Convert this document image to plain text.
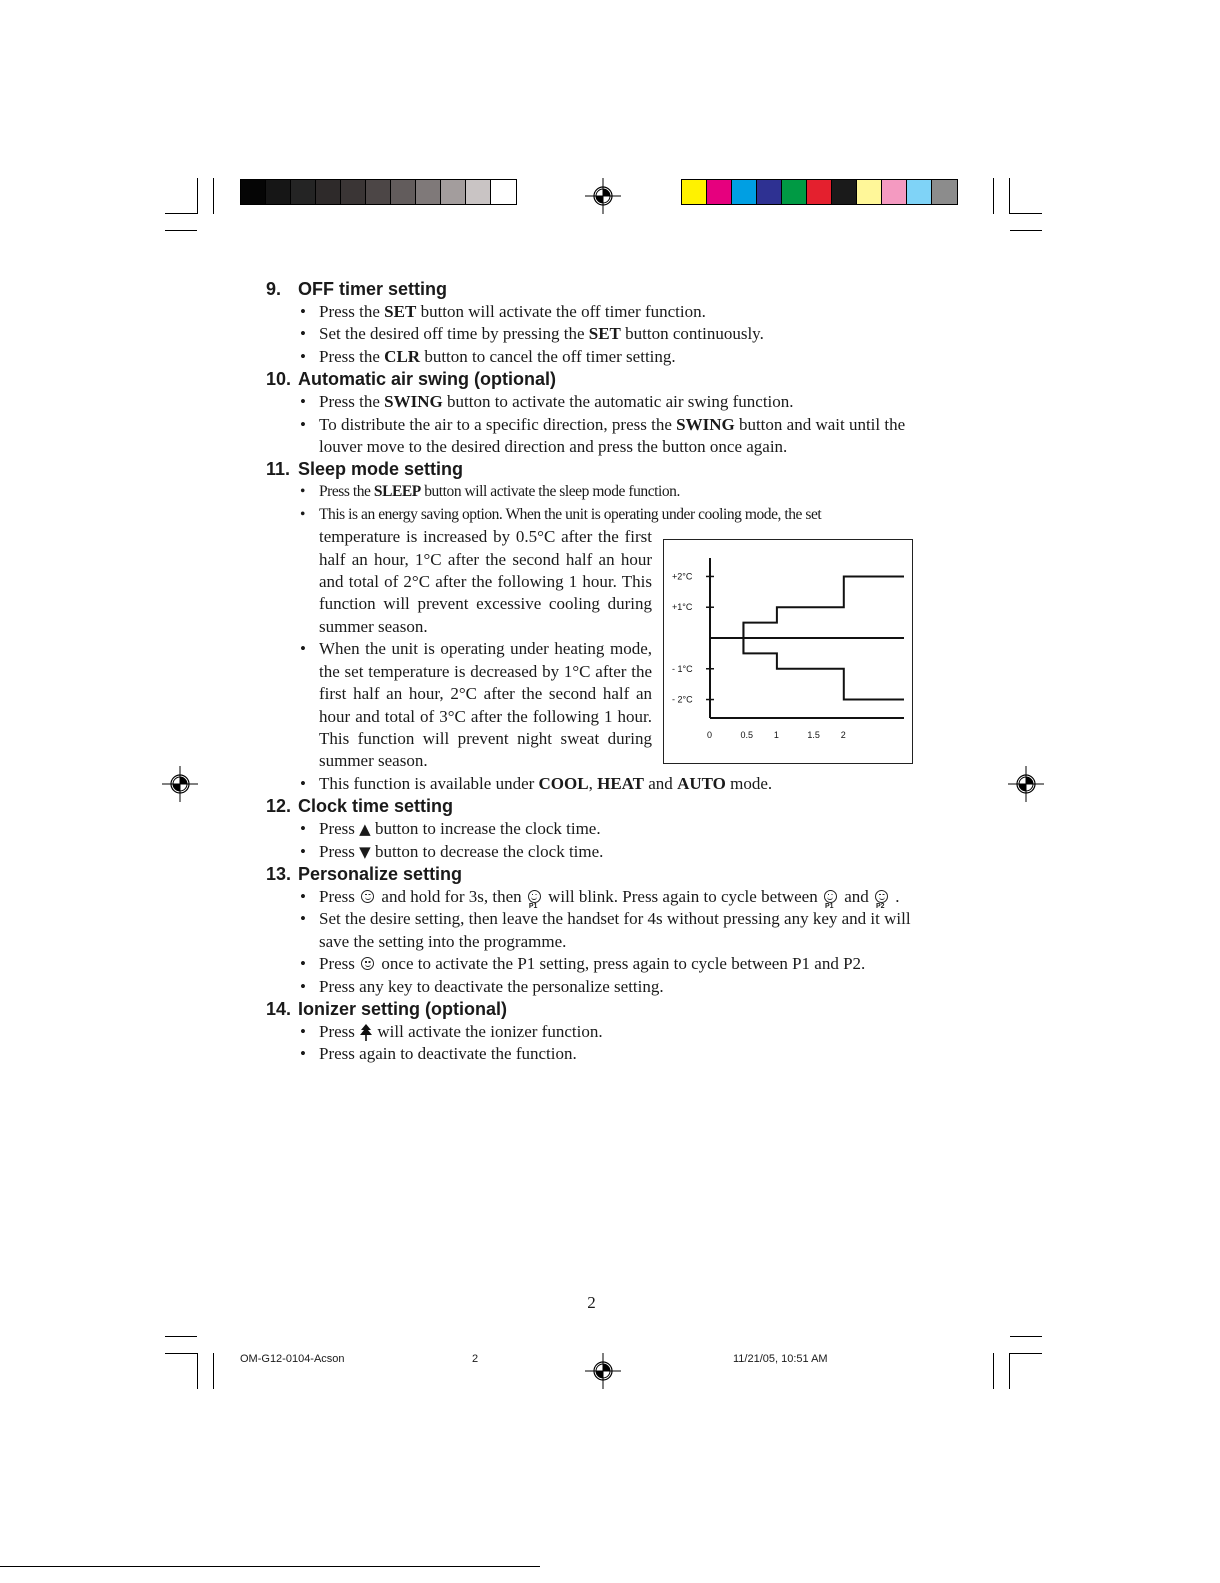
9. OFF timer setting
• Press the SET button will activate the off timer function.
• Set the desired off time by pressing the SET button continuously.
• Press the CLR button to cancel the off timer setting.
10. Automatic air swing (optional)
• Press the SWING button to activate the automatic air swing function.
• To distribute the air to a specific direction, press the SWING button and wait until the louver move to the desired direction and press the button once again.
11. Sleep mode setting
• Press the SLEEP button will activate the sleep mode function.
• This is an energy saving option. When the unit is operating under cooling mode, the set
temperature is increased by 0.5°C after the first half an hour, 1°C after the second half an hour and total of 2°C after the following 1 hour. This function will prevent excessive cooling during summer season.
• When the unit is operating under heating mode, the set temperature is decreased by 1°C after the first half an hour, 2°C after the second half an hour and total of 3°C after the following 1 hour. This function will prevent night sweat during summer season.
• This function is available under COOL, HEAT and AUTO mode.
12. Clock time setting
• Press ▲ button to increase the clock time.
• Press ▼ button to decrease the clock time.
13. Personalize setting
• Press
and hold for 3s, then
P1
will blink. Press again to cycle between
P1
and
P2
.
• Set the desire setting, then leave the handset for 4s without pressing any key and it will save the setting into the programme.
• Press
once to activate the P1 setting, press again to cycle between P1 and P2.
• Press any key to deactivate the personalize setting.
14. Ionizer setting (optional)
• Press  will activate the ionizer function.
• Press again to deactivate the function.
+2°C
+1°C
- 1°C
- 2°C
0	0.5 1	1.5 2
2
OM-G12-0104-Acson	2	11/21/05, 10:51 AM
